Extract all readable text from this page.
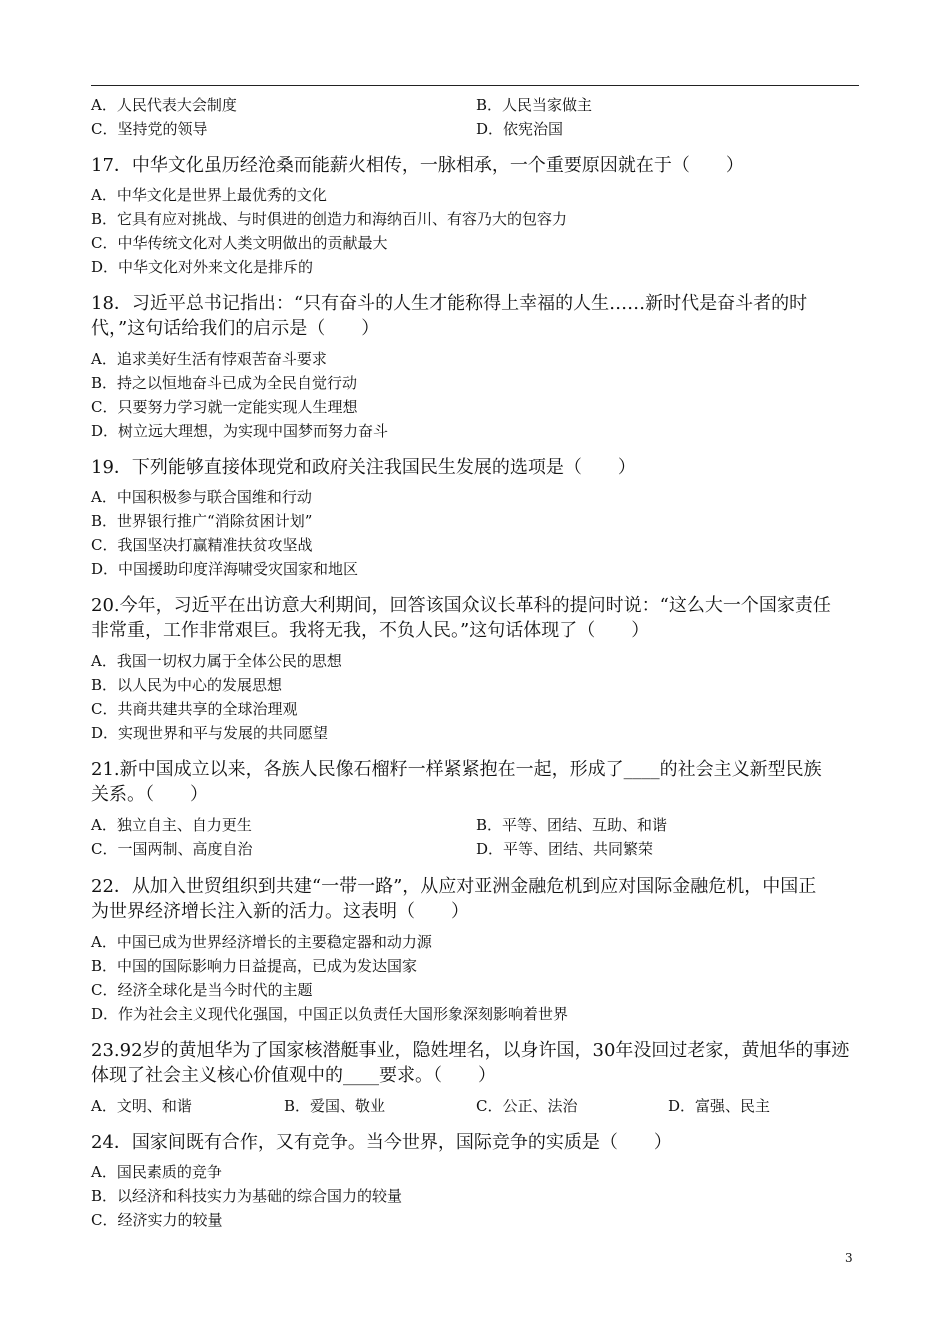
A．人民代表大会制度	B．人民当家做主
C．坚持党的领导	D．依宪治国
17．中华文化虽历经沧桑而能薪火相传，一脉相承，一个重要原因就在于（　　）
A．中华文化是世界上最优秀的文化
B．它具有应对挑战、与时俱进的创造力和海纳百川、有容乃大的包容力
C．中华传统文化对人类文明做出的贡献最大
D．中华文化对外来文化是排斥的
18．习近平总书记指出：“只有奋斗的人生才能称得上幸福的人生……新时代是奋斗者的时
代，”这句话给我们的启示是（　　）
A．追求美好生活有悖艰苦奋斗要求
B．持之以恒地奋斗已成为全民自觉行动
C．只要努力学习就一定能实现人生理想
D．树立远大理想，为实现中国梦而努力奋斗
19．下列能够直接体现党和政府关注我国民生发展的选项是（　　）
A．中国积极参与联合国维和行动
B．世界银行推广“消除贫困计划”
C．我国坚决打赢精准扶贫攻坚战
D．中国援助印度洋海啸受灾国家和地区
20.今年，习近平在出访意大利期间，回答该国众议长革科的提问时说：“这么大一个国家责任
非常重，工作非常艰巨。我将无我，不负人民。”这句话体现了（　　）
A．我国一切权力属于全体公民的思想
B．以人民为中心的发展思想
C．共商共建共享的全球治理观
D．实现世界和平与发展的共同愿望
21.新中国成立以来，各族人民像石榴籽一样紧紧抱在一起，形成了____的社会主义新型民族
关系。（　　）
A．独立自主、自力更生	B．平等、团结、互助、和谐
C．一国两制、高度自治	D．平等、团结、共同繁荣
22．从加入世贸组织到共建“一带一路”，从应对亚洲金融危机到应对国际金融危机，中国正
为世界经济增长注入新的活力。这表明（　　）
A．中国已成为世界经济增长的主要稳定器和动力源
B．中国的国际影响力日益提高，已成为发达国家
C．经济全球化是当今时代的主题
D．作为社会主义现代化强国，中国正以负责任大国形象深刻影响着世界
23.92岁的黄旭华为了国家核潜艇事业，隐姓埋名，以身许国，30年没回过老家，黄旭华的事迹
体现了社会主义核心价值观中的____要求。（　　）
A．文明、和谐	B．爱国、敬业	C．公正、法治	D．富强、民主
24．国家间既有合作，又有竞争。当今世界，国际竞争的实质是（　　）
A．国民素质的竞争
B．以经济和科技实力为基础的综合国力的较量
C．经济实力的较量
3
